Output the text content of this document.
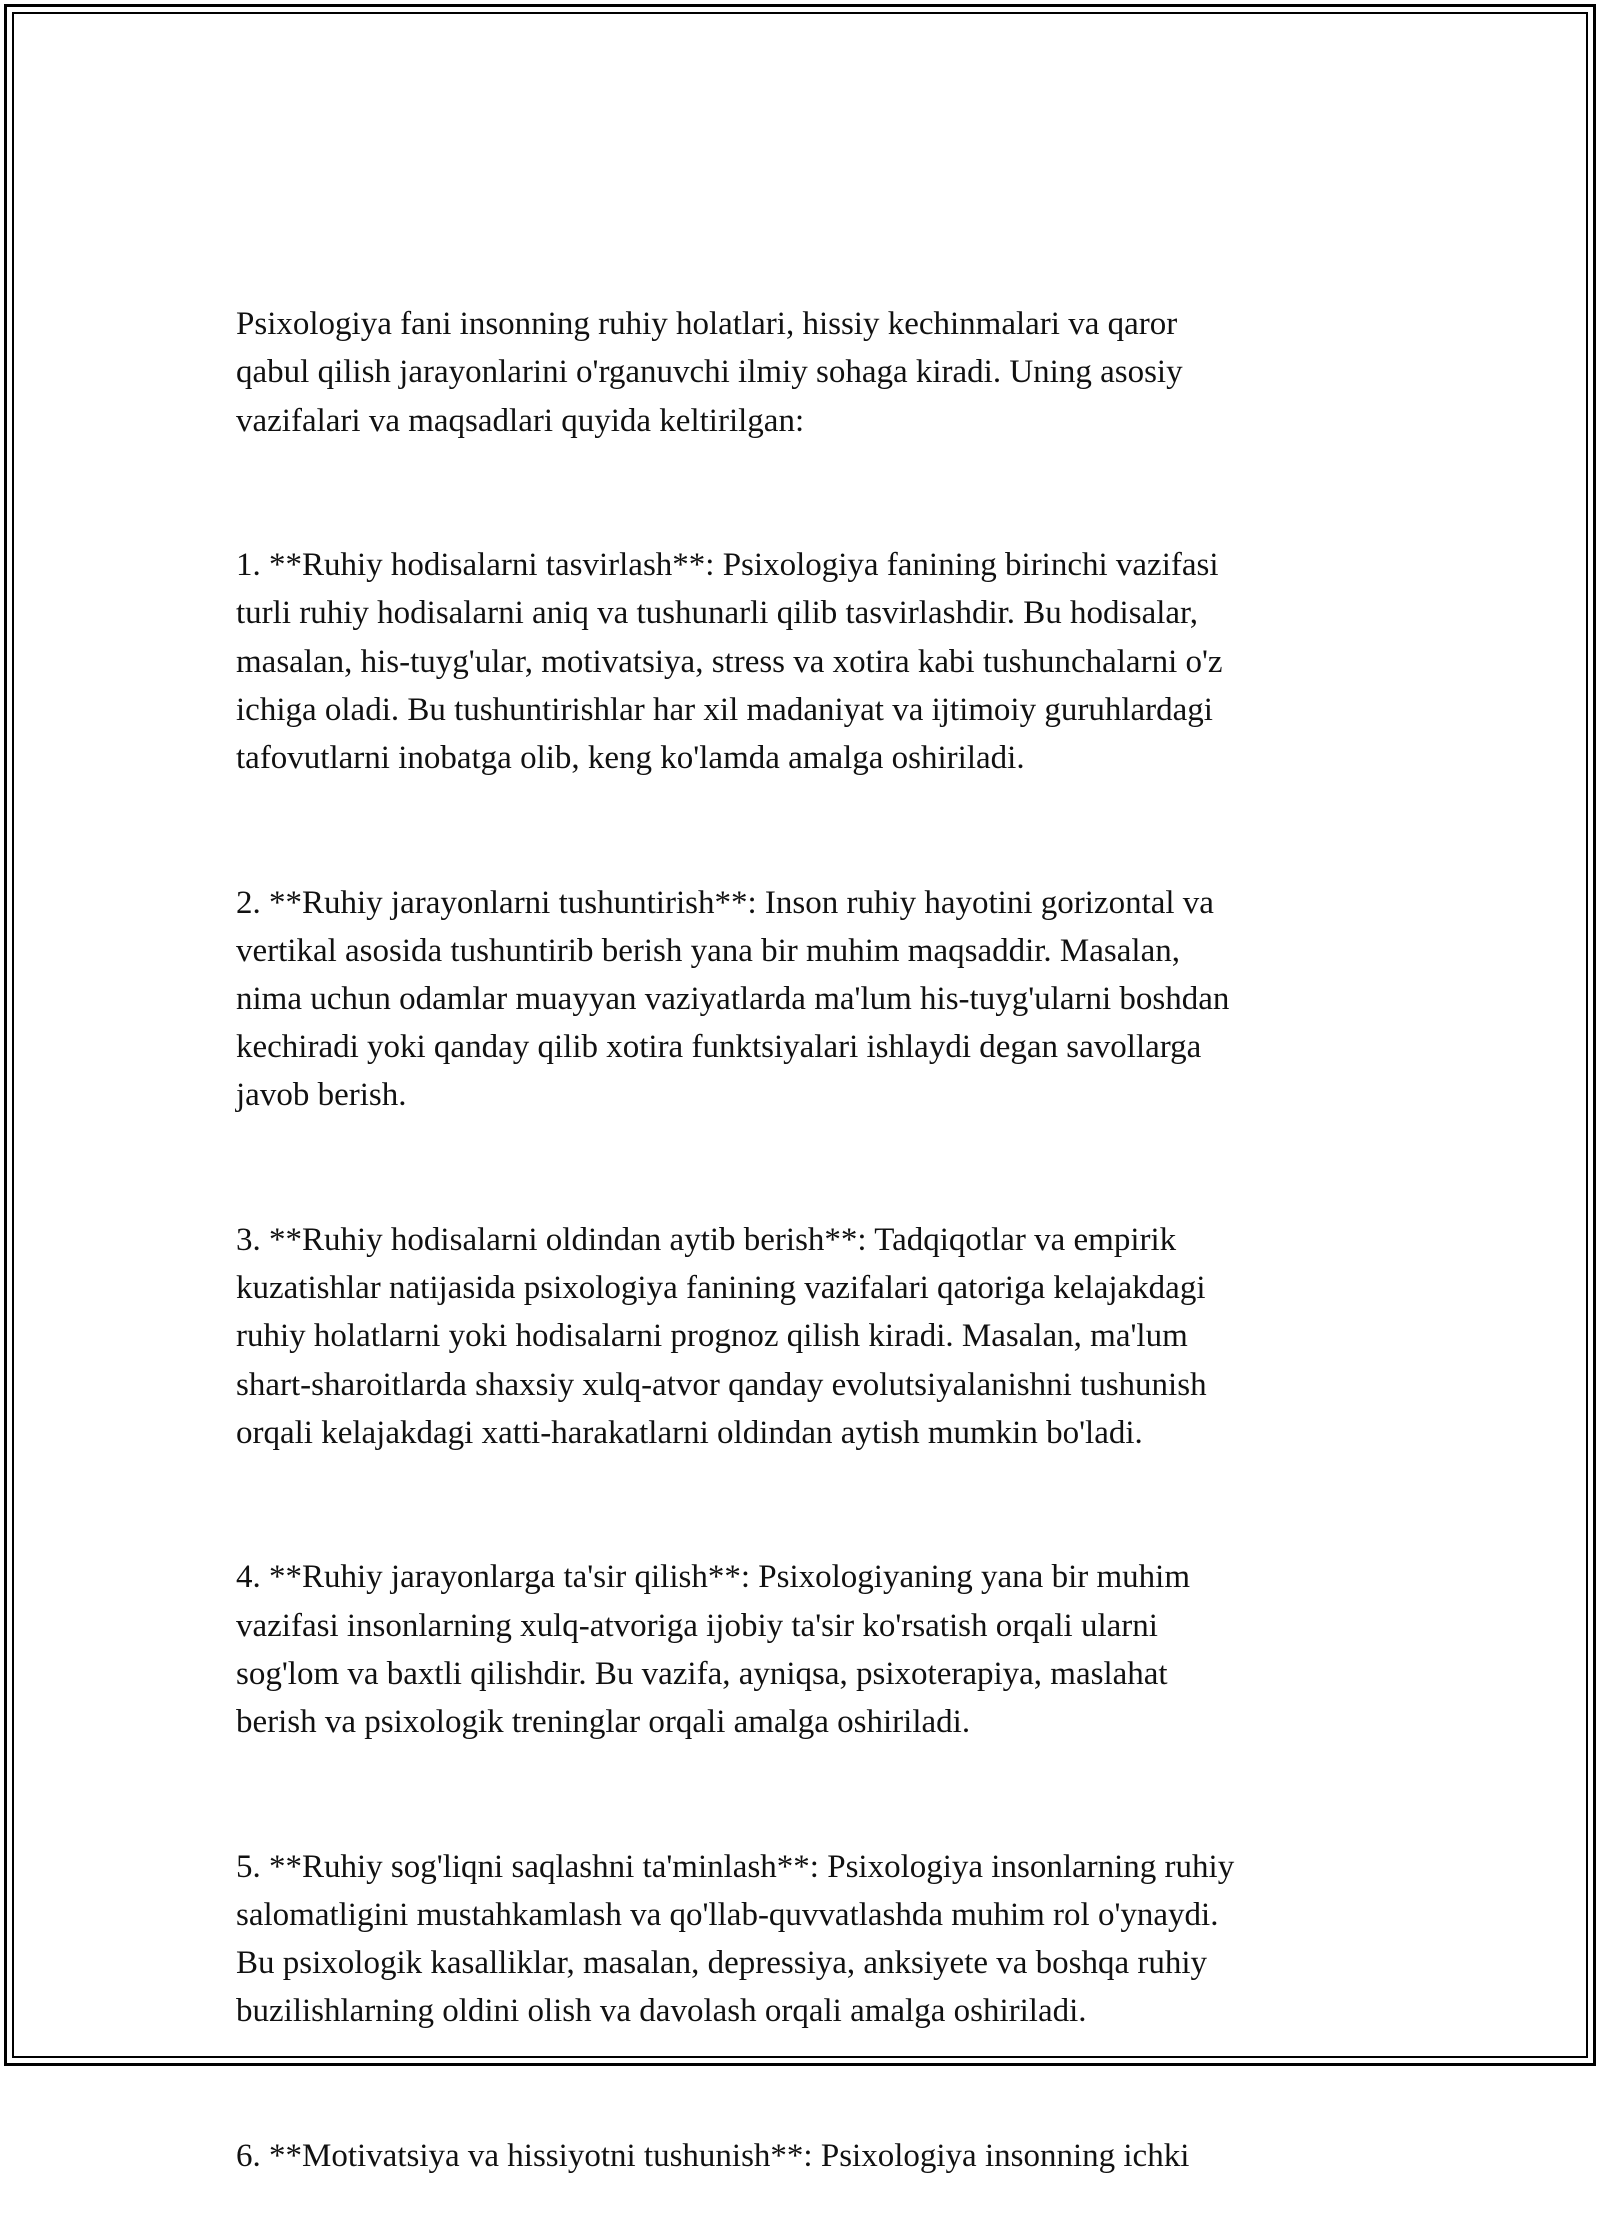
Psixologiya fani insonning ruhiy holatlari, hissiy kechinmalari va qaror
qabul qilish jarayonlarini o'rganuvchi ilmiy sohaga kiradi. Uning asosiy
vazifalari va maqsadlari quyida keltirilgan:

1. **Ruhiy hodisalarni tasvirlash**: Psixologiya fanining birinchi vazifasi
turli ruhiy hodisalarni aniq va tushunarli qilib tasvirlashdir. Bu hodisalar,
masalan, his-tuyg'ular, motivatsiya, stress va xotira kabi tushunchalarni o'z
ichiga oladi. Bu tushuntirishlar har xil madaniyat va ijtimoiy guruhlardagi
tafovutlarni inobatga olib, keng ko'lamda amalga oshiriladi.

2. **Ruhiy jarayonlarni tushuntirish**: Inson ruhiy hayotini gorizontal va
vertikal asosida tushuntirib berish yana bir muhim maqsaddir. Masalan,
nima uchun odamlar muayyan vaziyatlarda ma'lum his-tuyg'ularni boshdan
kechiradi yoki qanday qilib xotira funktsiyalari ishlaydi degan savollarga
javob berish.

3. **Ruhiy hodisalarni oldindan aytib berish**: Tadqiqotlar va empirik
kuzatishlar natijasida psixologiya fanining vazifalari qatoriga kelajakdagi
ruhiy holatlarni yoki hodisalarni prognoz qilish kiradi. Masalan, ma'lum
shart-sharoitlarda shaxsiy xulq-atvor qanday evolutsiyalanishni tushunish
orqali kelajakdagi xatti-harakatlarni oldindan aytish mumkin bo'ladi.

4. **Ruhiy jarayonlarga ta'sir qilish**: Psixologiyaning yana bir muhim
vazifasi insonlarning xulq-atvoriga ijobiy ta'sir ko'rsatish orqali ularni
sog'lom va baxtli qilishdir. Bu vazifa, ayniqsa, psixoterapiya, maslahat
berish va psixologik treninglar orqali amalga oshiriladi.

5. **Ruhiy sog'liqni saqlashni ta'minlash**: Psixologiya insonlarning ruhiy
salomatligini mustahkamlash va qo'llab-quvvatlashda muhim rol o'ynaydi.
Bu psixologik kasalliklar, masalan, depressiya, anksiyete va boshqa ruhiy
buzilishlarning oldini olish va davolash orqali amalga oshiriladi.

6. **Motivatsiya va hissiyotni tushunish**: Psixologiya insonning ichki
